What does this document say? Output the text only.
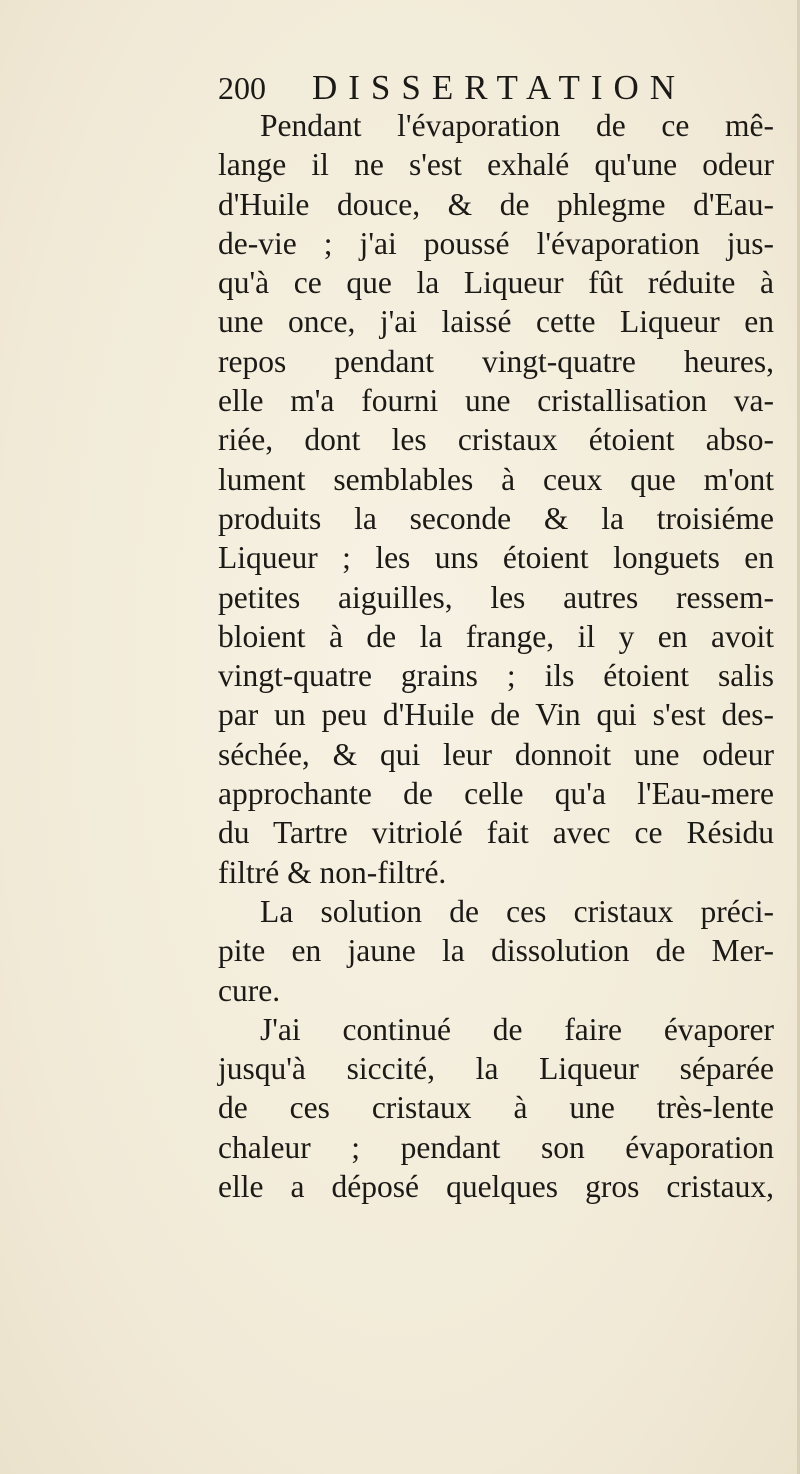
200 DISSERTATION
Pendant l'évaporation de ce mê-
lange il ne s'est exhalé qu'une odeur
d'Huile douce, & de phlegme d'Eau-
de-vie ; j'ai poussé l'évaporation jus-
qu'à ce que la Liqueur fût réduite à
une once, j'ai laissé cette Liqueur en
repos pendant vingt-quatre heures,
elle m'a fourni une cristallisation va-
riée, dont les cristaux étoient abso-
lument semblables à ceux que m'ont
produits la seconde & la troisiéme
Liqueur ; les uns étoient longuets en
petites aiguilles, les autres ressem-
bloient à de la frange, il y en avoit
vingt-quatre grains ; ils étoient salis
par un peu d'Huile de Vin qui s'est des-
séchée, & qui leur donnoit une odeur
approchante de celle qu'a l'Eau-mere
du Tartre vitriolé fait avec ce Résidu
filtré & non-filtré.
La solution de ces cristaux préci-
pite en jaune la dissolution de Mer-
cure.
J'ai continué de faire évaporer
jusqu'à siccité, la Liqueur séparée
de ces cristaux à une très-lente
chaleur ; pendant son évaporation
elle a déposé quelques gros cristaux,
